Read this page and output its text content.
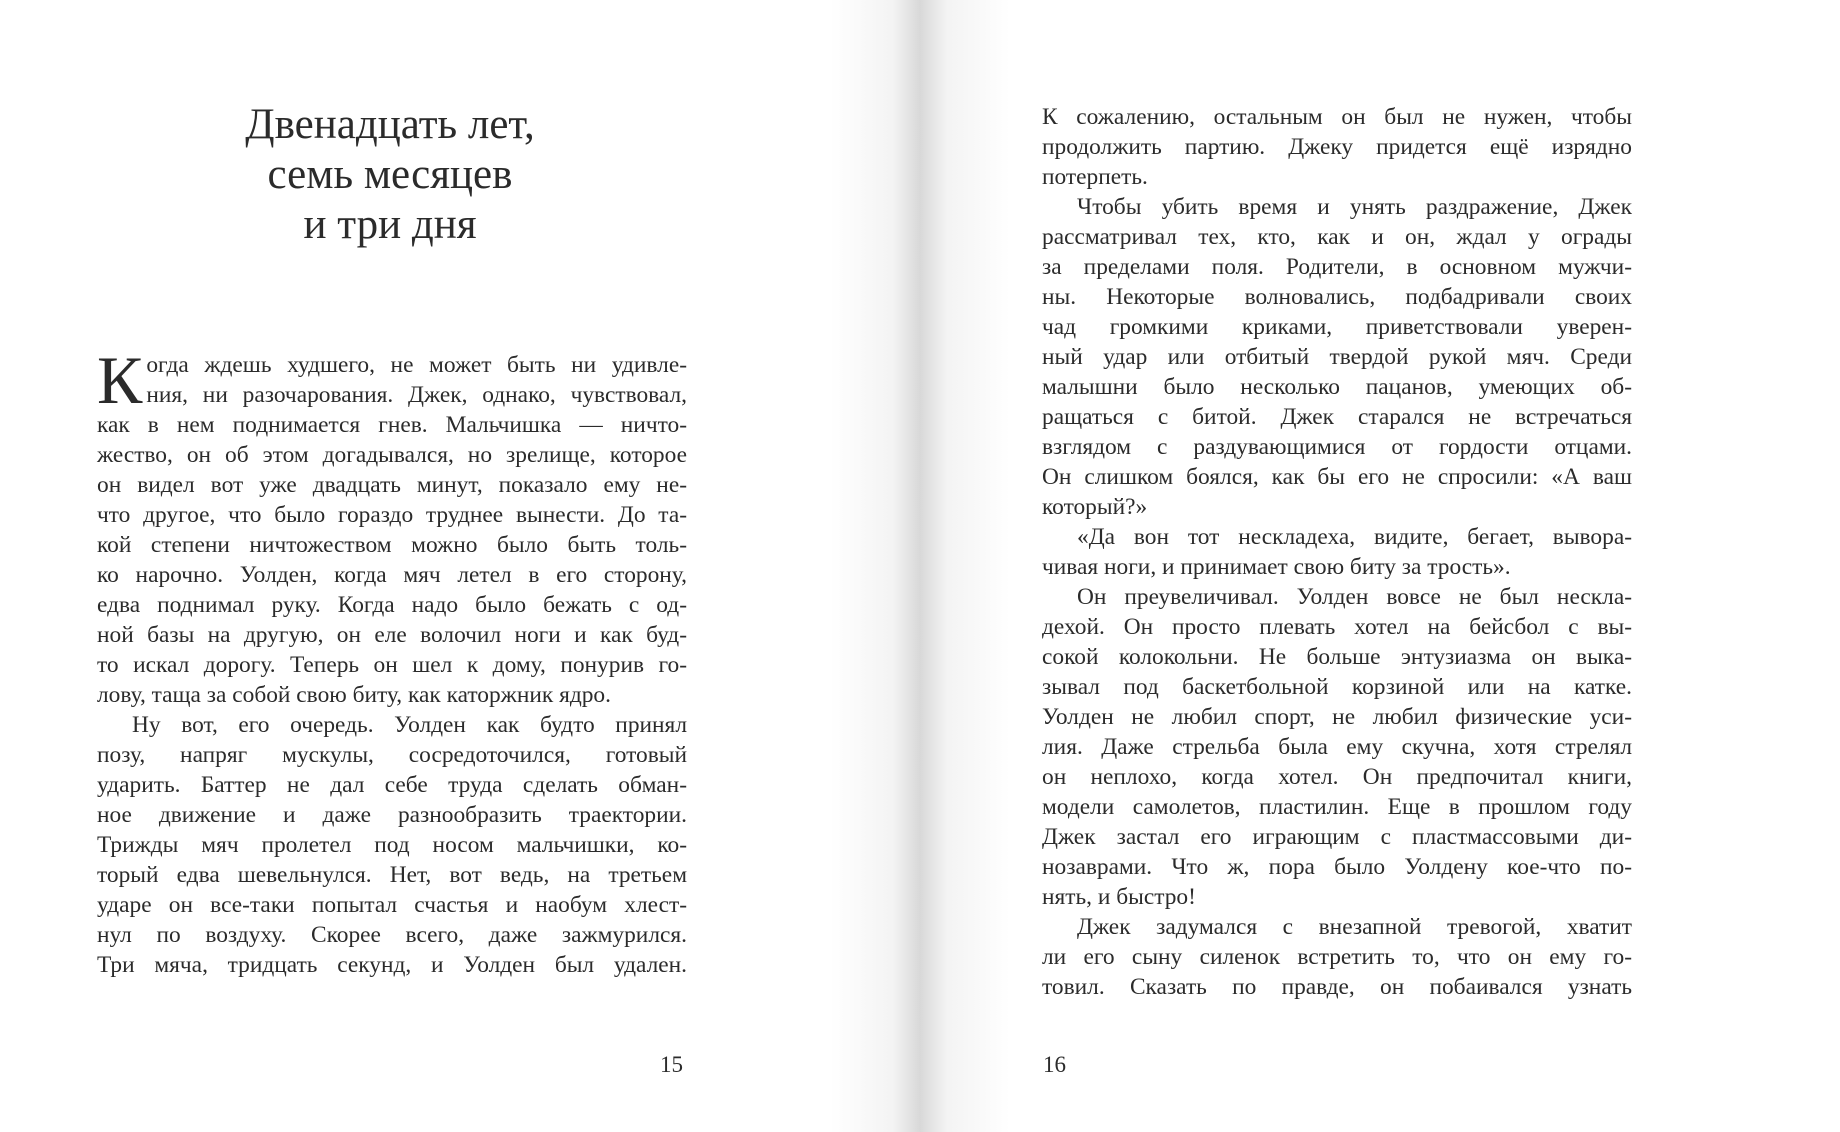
Двенадцать лет,
семь месяцев
и три дня
К огда ждешь худшего, не может быть ни удивле-
ния, ни разочарования. Джек, однако, чувствовал,
как в нем поднимается гнев. Мальчишка — ничто-
жество, он об этом догадывался, но зрелище, которое
он видел вот уже двадцать минут, показало ему не-
что другое, что было гораздо труднее вынести. До та-
кой степени ничтожеством можно было быть толь-
ко нарочно. Уолден, когда мяч летел в его сторону,
едва поднимал руку. Когда надо было бежать с од-
ной базы на другую, он еле волочил ноги и как буд-
то искал дорогу. Теперь он шел к дому, понурив го-
лову, таща за собой свою биту, как каторжник ядро.
Ну вот, его очередь. Уолден как будто принял
позу, напряг мускулы, сосредоточился, готовый
ударить. Баттер не дал себе труда сделать обман-
ное движение и даже разнообразить траектории.
Трижды мяч пролетел под носом мальчишки, ко-
торый едва шевельнулся. Нет, вот ведь, на третьем
ударе он все-таки попытал счастья и наобум хлест-
нул по воздуху. Скорее всего, даже зажмурился.
Три мяча, тридцать секунд, и Уолден был удален.
15
К сожалению, остальным он был не нужен, чтобы
продолжить партию. Джеку придется ещё изрядно
потерпеть.
Чтобы убить время и унять раздражение, Джек
рассматривал тех, кто, как и он, ждал у ограды
за пределами поля. Родители, в основном мужчи-
ны. Некоторые волновались, подбадривали своих
чад громкими криками, приветствовали уверен-
ный удар или отбитый твердой рукой мяч. Среди
малышни было несколько пацанов, умеющих об-
ращаться с битой. Джек старался не встречаться
взглядом с раздувающимися от гордости отцами.
Он слишком боялся, как бы его не спросили: «А ваш
который?»
«Да вон тот нескладеха, видите, бегает, вывора-
чивая ноги, и принимает свою биту за трость».
Он преувеличивал. Уолден вовсе не был нескла-
дехой. Он просто плевать хотел на бейсбол с вы-
сокой колокольни. Не больше энтузиазма он выка-
зывал под баскетбольной корзиной или на катке.
Уолден не любил спорт, не любил физические уси-
лия. Даже стрельба была ему скучна, хотя стрелял
он неплохо, когда хотел. Он предпочитал книги,
модели самолетов, пластилин. Еще в прошлом году
Джек застал его играющим с пластмассовыми ди-
нозаврами. Что ж, пора было Уолдену кое-что по-
нять, и быстро!
Джек задумался с внезапной тревогой, хватит
ли его сыну силенок встретить то, что он ему го-
товил. Сказать по правде, он побаивался узнать
16
